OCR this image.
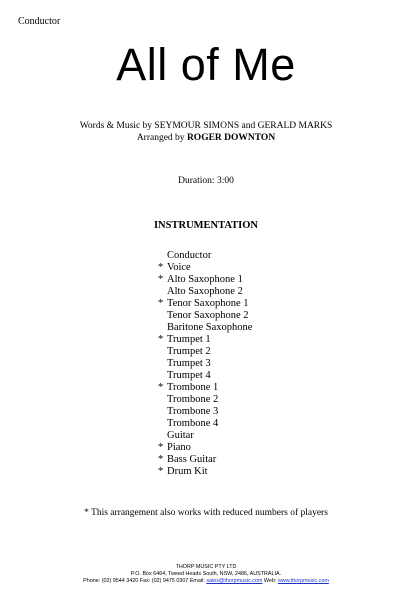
Conductor
All of Me
Words & Music by SEYMOUR SIMONS and GERALD MARKS
Arranged by ROGER DOWNTON
Duration: 3:00
INSTRUMENTATION
Conductor
* Voice
* Alto Saxophone 1
Alto Saxophone 2
* Tenor Saxophone 1
Tenor Saxophone 2
Baritone Saxophone
* Trumpet 1
Trumpet 2
Trumpet 3
Trumpet 4
* Trombone 1
Trombone 2
Trombone 3
Trombone 4
Guitar
* Piano
* Bass Guitar
* Drum Kit
* This arrangement also works with reduced numbers of players
THORP MUSIC PTY LTD
P.O. Box 6464, Tweed Heads South, NSW, 2486, AUSTRALIA.
Phone: (02) 9544 3420 Fax: (02) 9475 0307 Email: sales@thorpmusic.com Web: www.thorpmusic.com
